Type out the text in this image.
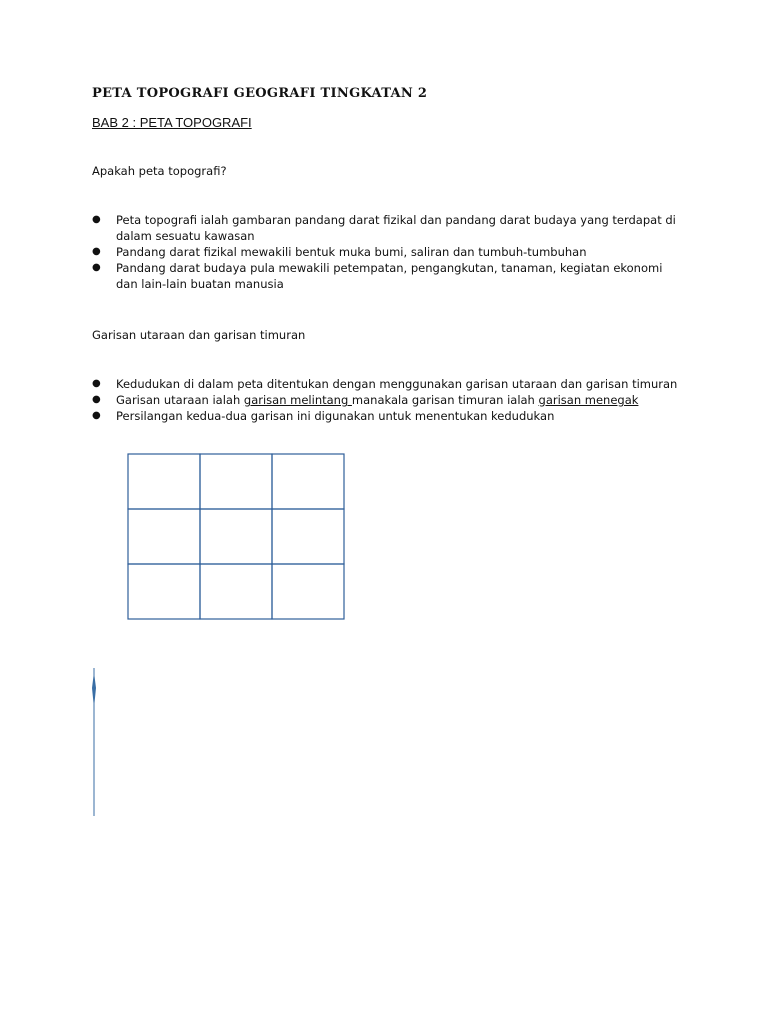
PETA TOPOGRAFI GEOGRAFI TINGKATAN 2
BAB 2 : PETA TOPOGRAFI
Apakah peta topografi?
● Peta topografi ialah gambaran pandang darat fizikal dan pandang darat budaya yang terdapat di
dalam sesuatu kawasan
● Pandang darat fizikal mewakili bentuk muka bumi, saliran dan tumbuh-tumbuhan
● Pandang darat budaya pula mewakili petempatan, pengangkutan, tanaman, kegiatan ekonomi
dan lain-lain buatan manusia
Garisan utaraan dan garisan timuran
● Kedudukan di dalam peta ditentukan dengan menggunakan garisan utaraan dan garisan timuran
● Garisan utaraan ialah garisan melintang manakala garisan timuran ialah garisan menegak
● Persilangan kedua-dua garisan ini digunakan untuk menentukan kedudukan
